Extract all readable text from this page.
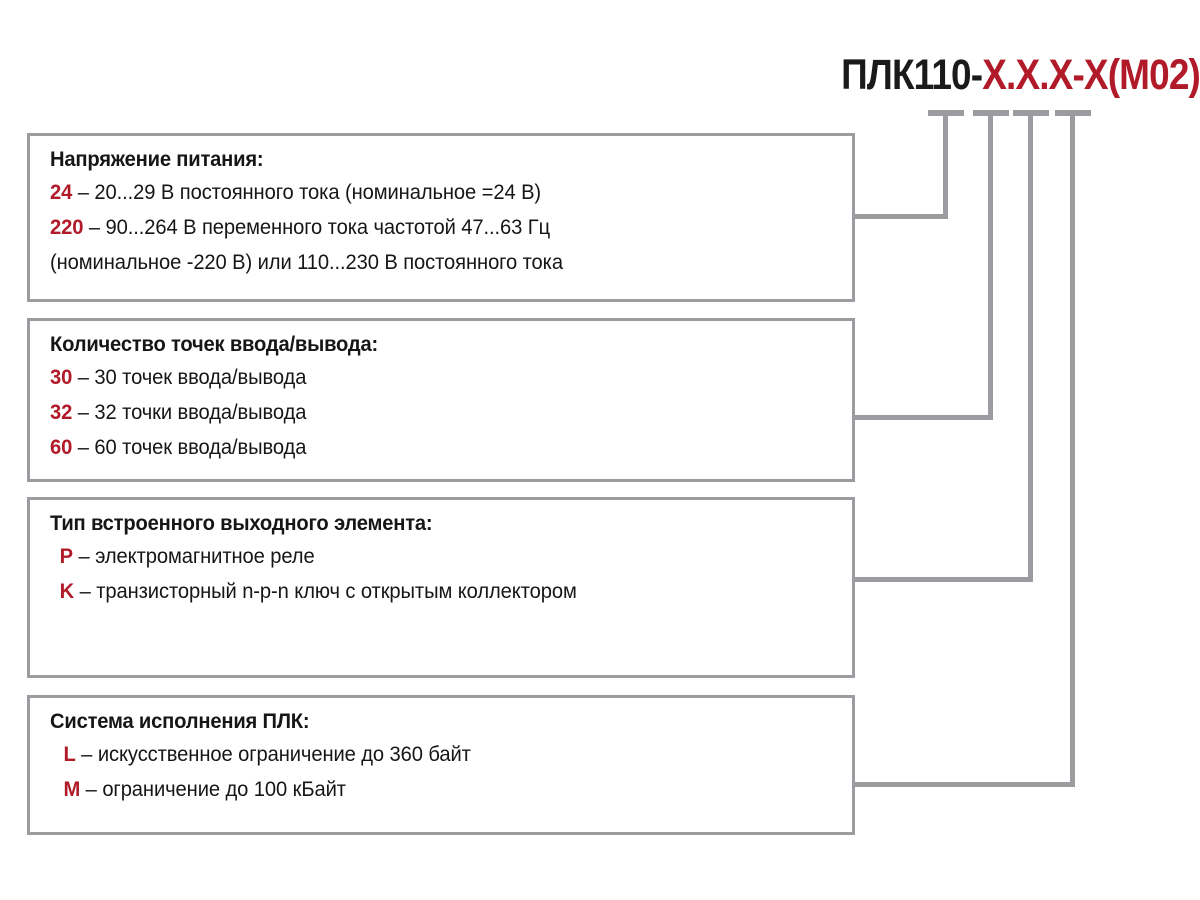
ПЛК110-X.X.X-X(M02)
Напряжение питания:
24 – 20...29 В постоянного тока (номинальное =24 В)
220 – 90...264 В переменного тока частотой 47...63 Гц
(номинальное -220 В) или 110...230 В постоянного тока
Количество точек ввода/вывода:
30 – 30 точек ввода/вывода
32 – 32 точки ввода/вывода
60 – 60 точек ввода/вывода
Тип встроенного выходного элемента:
P – электромагнитное реле
K – транзисторный n-p-n ключ с открытым коллектором
Система исполнения ПЛК:
L – искусственное ограничение до 360 байт
M – ограничение до 100 кБайт
